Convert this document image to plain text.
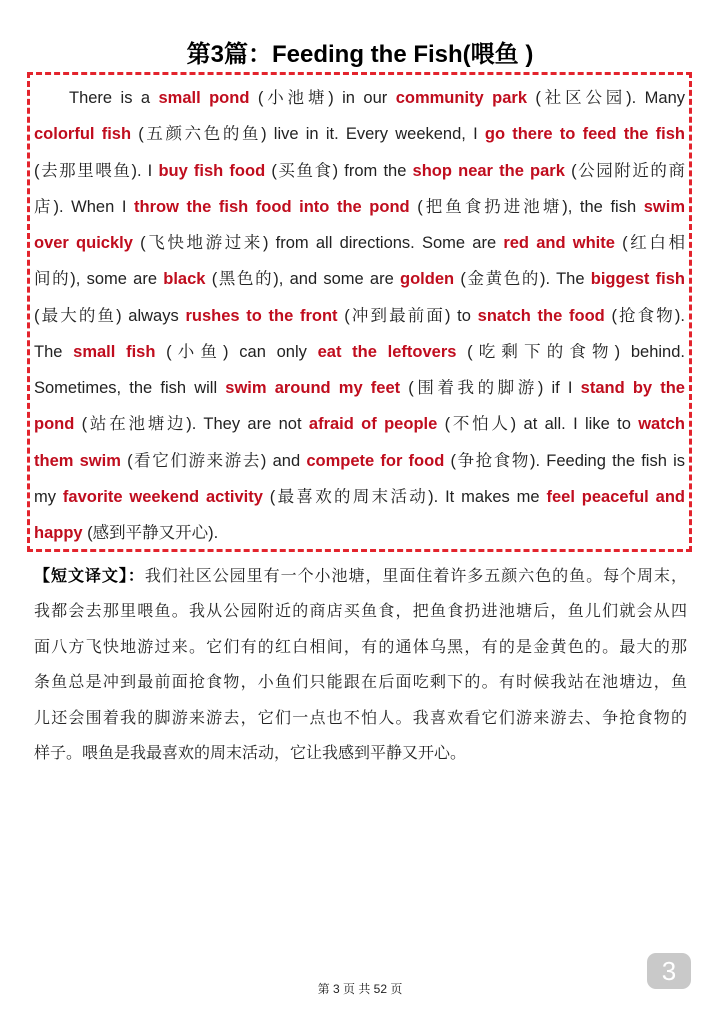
第3篇：Feeding the Fish(喂鱼 )
There is a small pond (小池塘) in our community park (社区公园). Many
colorful fish (五颜六色的鱼) live in it. Every weekend, I go there to feed the fish
(去那里喂鱼). I buy fish food (买鱼食) from the shop near the park (公园附近的商
店). When I throw the fish food into the pond (把鱼食扔进池塘), the fish swim
over quickly (飞快地游过来) from all directions. Some are red and white (红白相
间的), some are black (黑色的), and some are golden (金黄色的). The biggest fish
(最大的鱼) always rushes to the front (冲到最前面) to snatch the food (抢食物).
The small fish (小鱼) can only eat the leftovers (吃剩下的食物) behind.
Sometimes, the fish will swim around my feet (围着我的脚游) if I stand by the
pond (站在池塘边). They are not afraid of people (不怕人) at all. I like to watch
them swim (看它们游来游去) and compete for food (争抢食物). Feeding the fish is
my favorite weekend activity (最喜欢的周末活动). It makes me feel peaceful and
happy (感到平静又开心).
【短文译文】：我们社区公园里有一个小池塘，里面住着许多五颜六色的鱼。每个周末，
我都会去那里喂鱼。我从公园附近的商店买鱼食，把鱼食扔进池塘后，鱼儿们就会从四
面八方飞快地游过来。它们有的红白相间，有的通体乌黑，有的是金黄色的。最大的那
条鱼总是冲到最前面抢食物，小鱼们只能跟在后面吃剩下的。有时候我站在池塘边，鱼
儿还会围着我的脚游来游去，它们一点也不怕人。我喜欢看它们游来游去、争抢食物的
样子。喂鱼是我最喜欢的周末活动，它让我感到平静又开心。
第 3 页 共 52 页
3
